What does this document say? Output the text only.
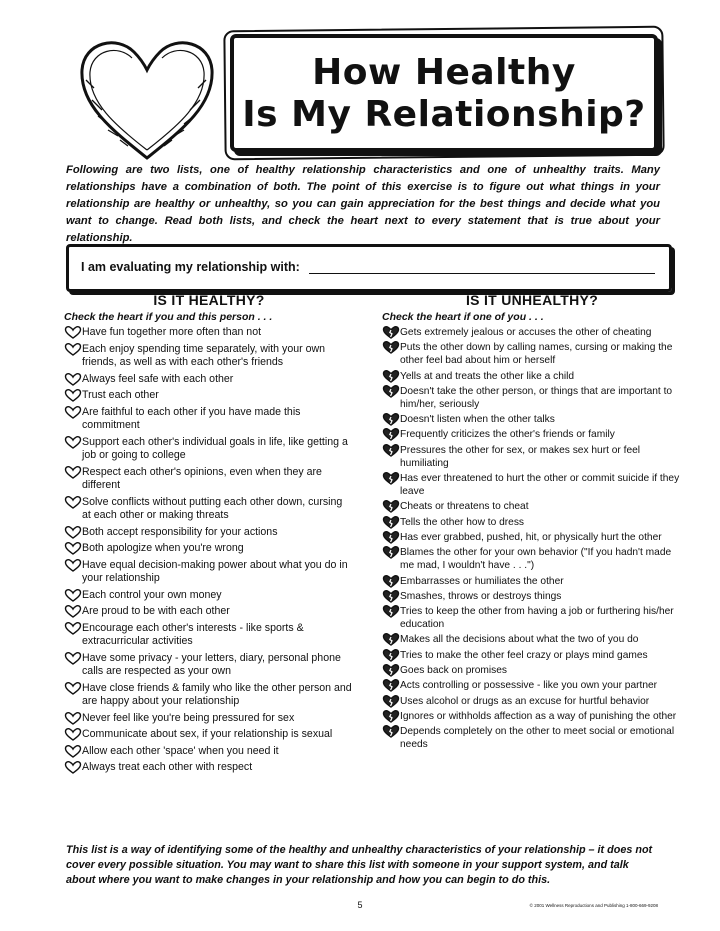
How Healthy
Is My Relationship?
Following are two lists, one of healthy relationship characteristics and one of unhealthy traits. Many relationships have a combination of both. The point of this exercise is to figure out what things in your relationship are healthy or unhealthy, so you can gain appreciation for the best things and decide what you want to change. Read both lists, and check the heart next to every statement that is true about your relationship.
I am evaluating my relationship with:
IS IT HEALTHY?
Check the heart if you and this person . . .
Have fun together more often than not
Each enjoy spending time separately, with your own friends, as well as with each other's friends
Always feel safe with each other
Trust each other
Are faithful to each other if you have made this commitment
Support each other's individual goals in life, like getting a job or going to college
Respect each other's opinions, even when they are different
Solve conflicts without putting each other down, cursing at each other or making threats
Both accept responsibility for your actions
Both apologize when you're wrong
Have equal decision-making power about what you do in your relationship
Each control your own money
Are proud to be with each other
Encourage each other's interests - like sports & extracurricular activities
Have some privacy - your letters, diary, personal phone calls are respected as your own
Have close friends & family who like the other person and are happy about your relationship
Never feel like you're being pressured for sex
Communicate about sex, if your relationship is sexual
Allow each other 'space' when you need it
Always treat each other with respect
IS IT UNHEALTHY?
Check the heart if one of you . . .
Gets extremely jealous or accuses the other of cheating
Puts the other down by calling names, cursing or making the other feel bad about him or herself
Yells at and treats the other like a child
Doesn't take the other person, or things that are important to him/her, seriously
Doesn't listen when the other talks
Frequently criticizes the other's friends or family
Pressures the other for sex, or makes sex hurt or feel humiliating
Has ever threatened to hurt the other or commit suicide if they leave
Cheats or threatens to cheat
Tells the other how to dress
Has ever grabbed, pushed, hit, or physically hurt the other
Blames the other for your own behavior ("If you hadn't made me mad, I wouldn't have . . .")
Embarrasses or humiliates the other
Smashes, throws or destroys things
Tries to keep the other from having a job or furthering his/her education
Makes all the decisions about what the two of you do
Tries to make the other feel crazy or plays mind games
Goes back on promises
Acts controlling or possessive - like you own your partner
Uses alcohol or drugs as an excuse for hurtful behavior
Ignores or withholds affection as a way of punishing the other
Depends completely on the other to meet social or emotional needs
This list is a way of identifying some of the healthy and unhealthy characteristics of your relationship – it does not cover every possible situation. You may want to share this list with someone in your support system, and talk about where you want to make changes in your relationship and how you can begin to do this.
5	© 2001 Wellness Reproductions and Publishing 1-800-669-9208
